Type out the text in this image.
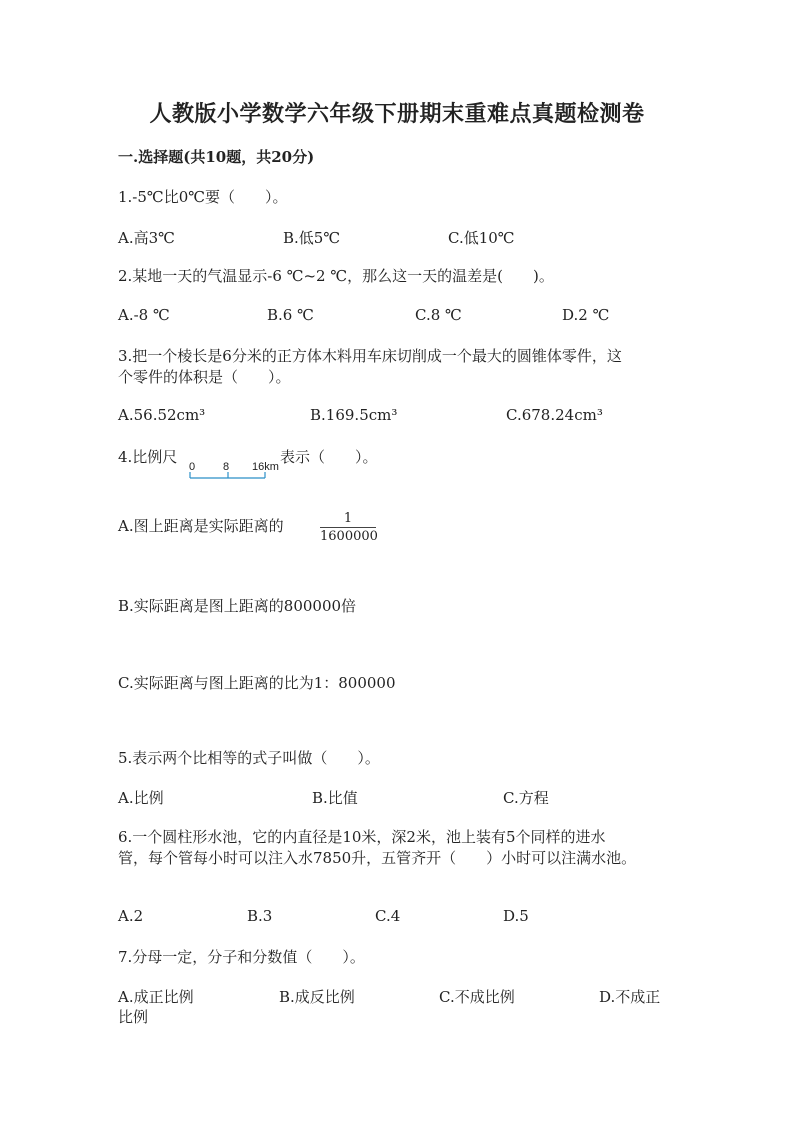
人教版小学数学六年级下册期末重难点真题检测卷
一.选择题(共10题，共20分)
1.-5℃比0℃要（　　）。
A.高3℃	B.低5℃	C.低10℃
2.某地一天的气温显示-6 ℃~2 ℃，那么这一天的温差是(　　)。
A.-8 ℃	B.6 ℃	C.8 ℃	D.2 ℃
3.把一个棱长是6分米的正方体木料用车床切削成一个最大的圆锥体零件，这
个零件的体积是（　　）。
A.56.52cm³	B.169.5cm³	C.678.24cm³
4.比例尺
0	8 16km
表示（　　）。
A.图上距离是实际距离的	1
1600000
B.实际距离是图上距离的800000倍
C.实际距离与图上距离的比为1：800000
5.表示两个比相等的式子叫做（　　）。
A.比例	B.比值	C.方程
6.一个圆柱形水池，它的内直径是10米，深2米，池上装有5个同样的进水
管，每个管每小时可以注入水7850升，五管齐开（　　）小时可以注满水池。
A.2	B.3	C.4	D.5
7.分母一定，分子和分数值（　　）。
A.成正比例	B.成反比例	C.不成比例	D.不成正
比例
